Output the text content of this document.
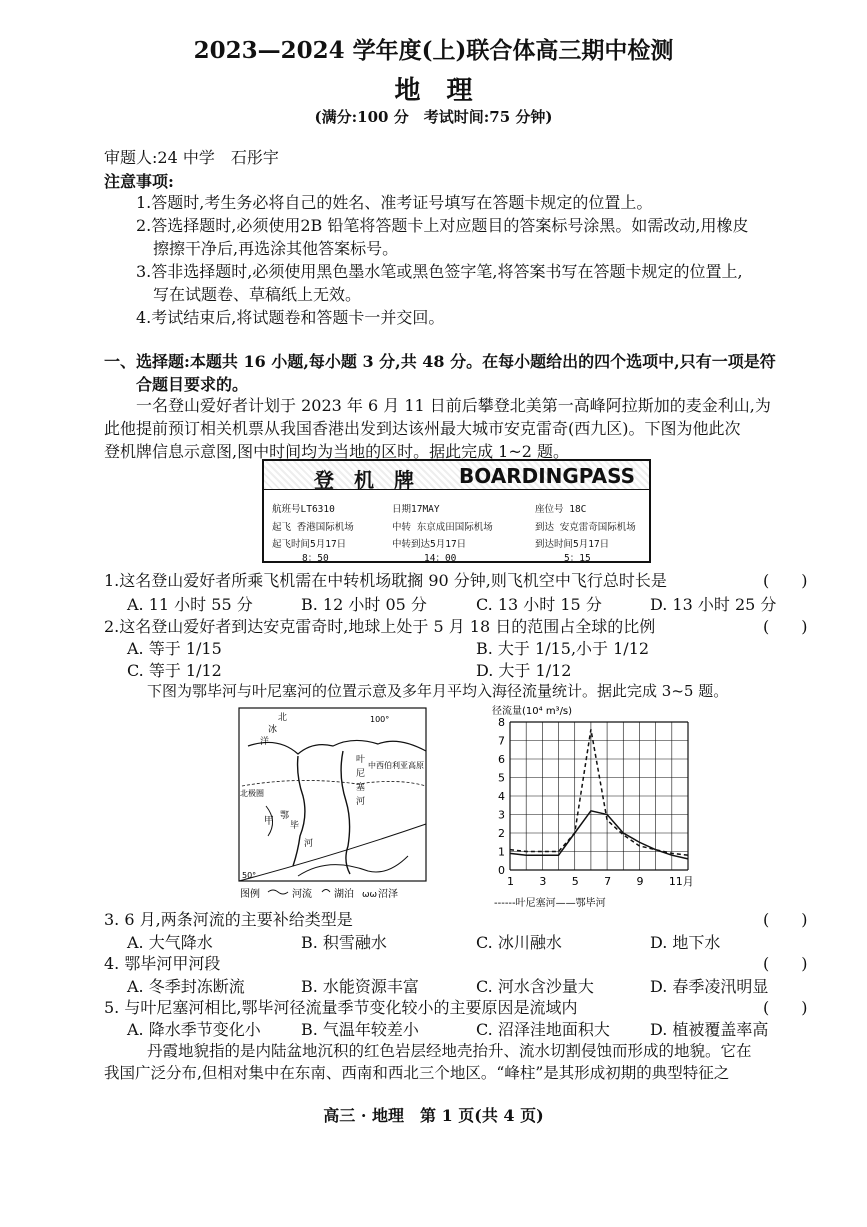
2023—2024 学年度(上)联合体高三期中检测
地理
(满分:100 分　考试时间:75 分钟)
审题人:24 中学　石彤宇
注意事项:
1.答题时,考生务必将自己的姓名、准考证号填写在答题卡规定的位置上。
2.答选择题时,必须使用2B 铅笔将答题卡上对应题目的答案标号涂黑。如需改动,用橡皮
擦擦干净后,再选涂其他答案标号。
3.答非选择题时,必须使用黑色墨水笔或黑色签字笔,将答案书写在答题卡规定的位置上,
写在试题卷、草稿纸上无效。
4.考试结束后,将试题卷和答题卡一并交回。
一、选择题:本题共 16 小题,每小题 3 分,共 48 分。在每小题给出的四个选项中,只有一项是符
合题目要求的。
一名登山爱好者计划于 2023 年 6 月 11 日前后攀登北美第一高峰阿拉斯加的麦金利山,为
此他提前预订相关机票从我国香港出发到达该州最大城市安克雷奇(西九区)。下图为他此次
登机牌信息示意图,图中时间均为当地的区时。据此完成 1~2 题。
登　机　牌 BOARDINGPASS
航班号LT6310	日期17MAY	座位号 18C
起飞 香港国际机场	中转 东京成田国际机场	到达 安克雷奇国际机场
起飞时间5月17日	中转到达5月17日	到达时间5月17日
8：50	14：00	5：15
1.这名登山爱好者所乘飞机需在中转机场耽搁 90 分钟,则飞机空中飞行总时长是	(　　)
A. 11 小时 55 分	B. 12 小时 05 分	C. 13 小时 15 分	D. 13 小时 25 分
2.这名登山爱好者到达安克雷奇时,地球上处于 5 月 18 日的范围占全球的比例	(　　)
A. 等于 1/15	B. 大于 1/15,小于 1/12
C. 等于 1/12	D. 大于 1/12
下图为鄂毕河与叶尼塞河的位置示意及多年月平均入海径流量统计。据此完成 3~5 题。
北
冰
洋
叶
尼
塞
河
中西伯利亚高原
北极圈
甲 鄂
毕
河
50°
100°
图例	河流 湖泊 ωω 沼泽
径流量(10⁴ m³/s)
0
1
2
3
4
5
6
7
8
1 3 5 7 9 11月
------叶尼塞河——鄂毕河
3. 6 月,两条河流的主要补给类型是	(　　)
A. 大气降水	B. 积雪融水	C. 冰川融水	D. 地下水
4. 鄂毕河甲河段	(　　)
A. 冬季封冻断流	B. 水能资源丰富	C. 河水含沙量大	D. 春季凌汛明显
5. 与叶尼塞河相比,鄂毕河径流量季节变化较小的主要原因是流域内	(　　)
A. 降水季节变化小	B. 气温年较差小	C. 沼泽洼地面积大	D. 植被覆盖率高
丹霞地貌指的是内陆盆地沉积的红色岩层经地壳抬升、流水切割侵蚀而形成的地貌。它在
我国广泛分布,但相对集中在东南、西南和西北三个地区。“峰柱”是其形成初期的典型特征之
高三 · 地理　第 1 页(共 4 页)
